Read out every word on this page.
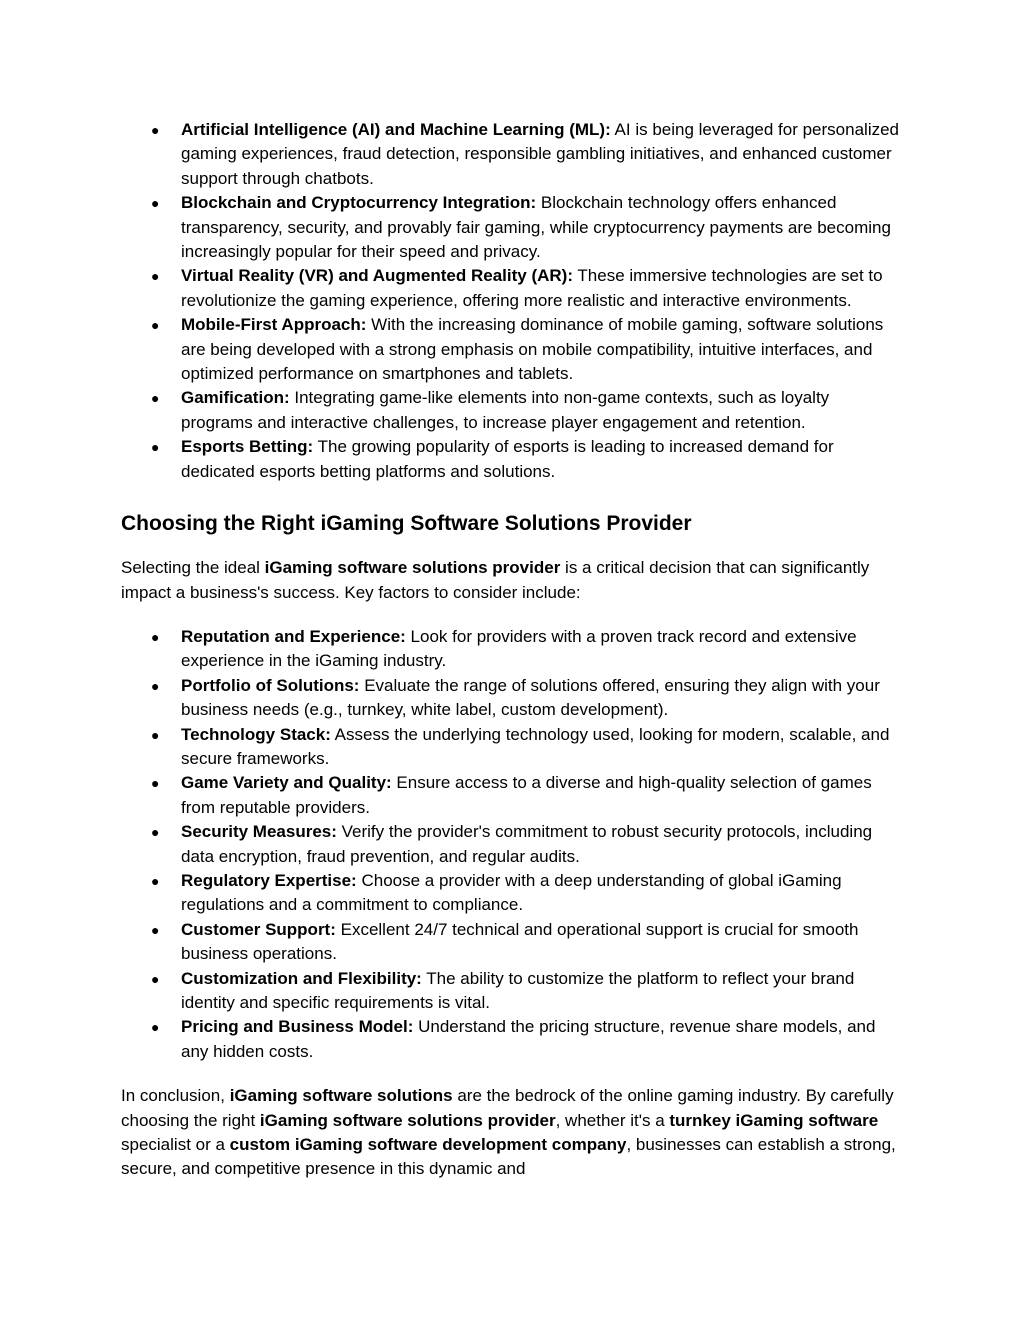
● Artificial Intelligence (AI) and Machine Learning (ML): AI is being leveraged for personalized gaming experiences, fraud detection, responsible gambling initiatives, and enhanced customer support through chatbots.
● Blockchain and Cryptocurrency Integration: Blockchain technology offers enhanced transparency, security, and provably fair gaming, while cryptocurrency payments are becoming increasingly popular for their speed and privacy.
● Virtual Reality (VR) and Augmented Reality (AR): These immersive technologies are set to revolutionize the gaming experience, offering more realistic and interactive environments.
● Mobile-First Approach: With the increasing dominance of mobile gaming, software solutions are being developed with a strong emphasis on mobile compatibility, intuitive interfaces, and optimized performance on smartphones and tablets.
● Gamification: Integrating game-like elements into non-game contexts, such as loyalty programs and interactive challenges, to increase player engagement and retention.
● Esports Betting: The growing popularity of esports is leading to increased demand for dedicated esports betting platforms and solutions.
Choosing the Right iGaming Software Solutions Provider

Selecting the ideal iGaming software solutions provider is a critical decision that can significantly impact a business's success. Key factors to consider include:

● Reputation and Experience: Look for providers with a proven track record and extensive experience in the iGaming industry.
● Portfolio of Solutions: Evaluate the range of solutions offered, ensuring they align with your business needs (e.g., turnkey, white label, custom development).
● Technology Stack: Assess the underlying technology used, looking for modern, scalable, and secure frameworks.
● Game Variety and Quality: Ensure access to a diverse and high-quality selection of games from reputable providers.
● Security Measures: Verify the provider's commitment to robust security protocols, including data encryption, fraud prevention, and regular audits.
● Regulatory Expertise: Choose a provider with a deep understanding of global iGaming regulations and a commitment to compliance.
● Customer Support: Excellent 24/7 technical and operational support is crucial for smooth business operations.
● Customization and Flexibility: The ability to customize the platform to reflect your brand identity and specific requirements is vital.
● Pricing and Business Model: Understand the pricing structure, revenue share models, and any hidden costs.

In conclusion, iGaming software solutions are the bedrock of the online gaming industry. By carefully choosing the right iGaming software solutions provider, whether it's a turnkey iGaming software specialist or a custom iGaming software development company, businesses can establish a strong, secure, and competitive presence in this dynamic and
